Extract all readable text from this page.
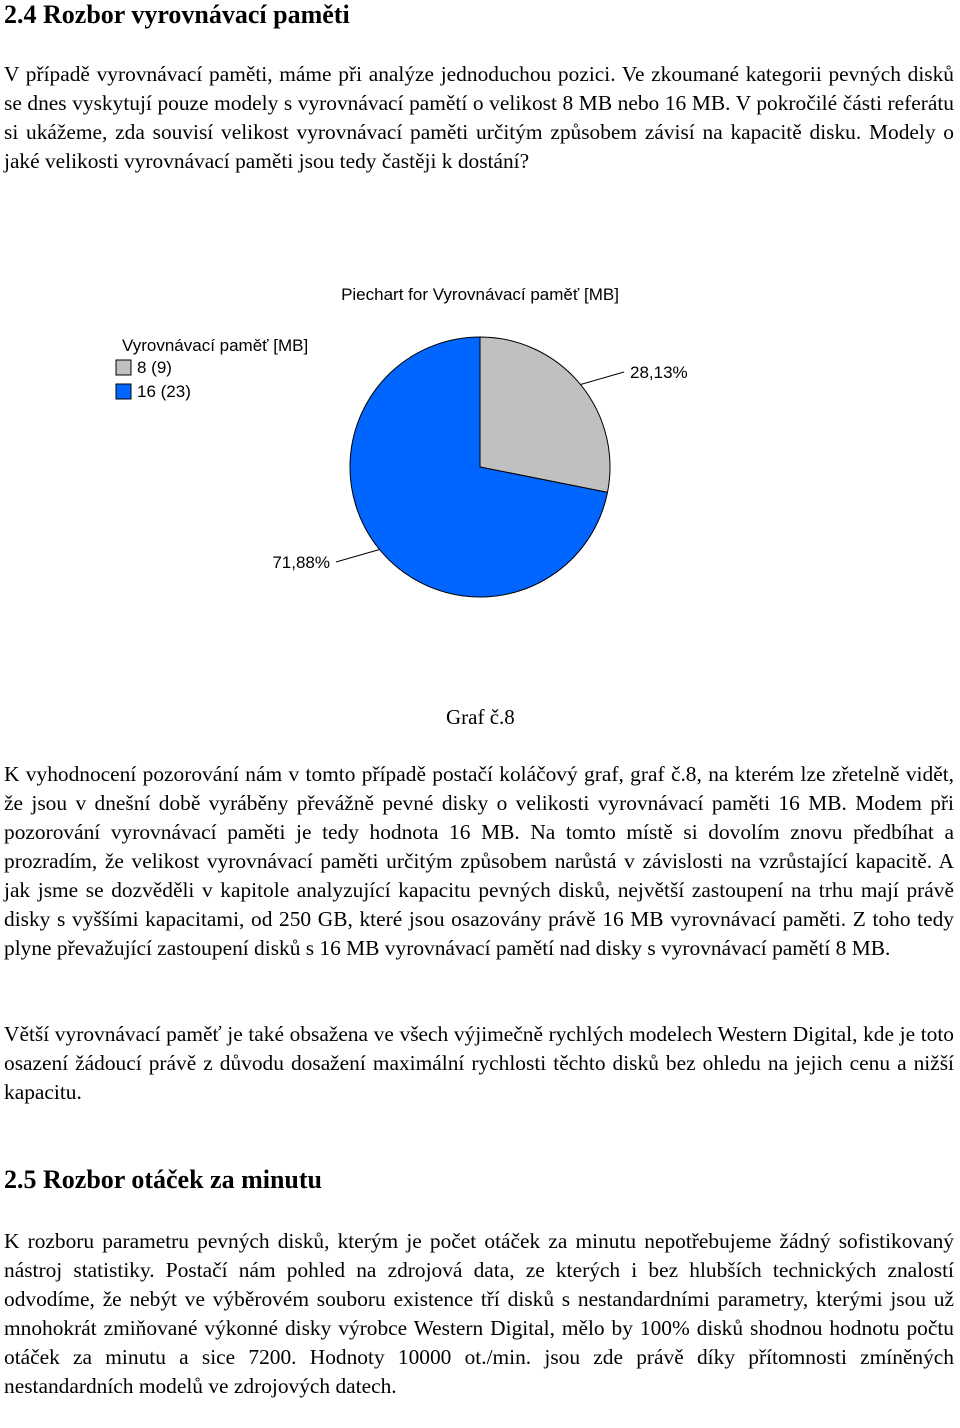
2.4 Rozbor vyrovnávací paměti

V případě vyrovnávací paměti, máme při analýze jednoduchou pozici. Ve zkoumané kategorii pevných disků se dnes vyskytují pouze modely s vyrovnávací pamětí o velikost 8 MB nebo 16 MB. V pokročilé části referátu si ukážeme, zda souvisí velikost vyrovnávací paměti určitým způsobem závisí na kapacitě disku. Modely o jaké velikosti vyrovnávací paměti jsou tedy častěji k dostání?

Piechart for Vyrovnávací paměť [MB]
Vyrovnávací paměť [MB]
8 (9)
16 (23)
28,13%
71,88%

Graf č.8

K vyhodnocení pozorování nám v tomto případě postačí koláčový graf, graf č.8, na kterém lze zřetelně vidět, že jsou v dnešní době vyráběny převážně pevné disky o velikosti vyrovnávací paměti 16 MB. Modem při pozorování vyrovnávací paměti je tedy hodnota 16 MB. Na tomto místě si dovolím znovu předbíhat a prozradím, že velikost vyrovnávací paměti určitým způsobem narůstá v závislosti na vzrůstající kapacitě. A jak jsme se dozvěděli v kapitole analyzující kapacitu pevných disků, největší zastoupení na trhu mají právě disky s vyššími kapacitami, od 250 GB, které jsou osazovány právě 16 MB vyrovnávací paměti. Z toho tedy plyne převažující zastoupení disků s 16 MB vyrovnávací pamětí nad disky s vyrovnávací pamětí 8 MB.

Větší vyrovnávací paměť je také obsažena ve všech výjimečně rychlých modelech Western Digital, kde je toto osazení žádoucí právě z důvodu dosažení maximální rychlosti těchto disků bez ohledu na jejich cenu a nižší kapacitu.

2.5 Rozbor otáček za minutu

K rozboru parametru pevných disků, kterým je počet otáček za minutu nepotřebujeme žádný sofistikovaný nástroj statistiky. Postačí nám pohled na zdrojová data, ze kterých i bez hlubších technických znalostí odvodíme, že nebýt ve výběrovém souboru existence tří disků s nestandardními parametry, kterými jsou už mnohokrát zmiňované výkonné disky výrobce Western Digital, mělo by 100% disků shodnou hodnotu počtu otáček za minutu a sice 7200. Hodnoty 10000 ot./min. jsou zde právě díky přítomnosti zmíněných nestandardních modelů ve zdrojových datech.
